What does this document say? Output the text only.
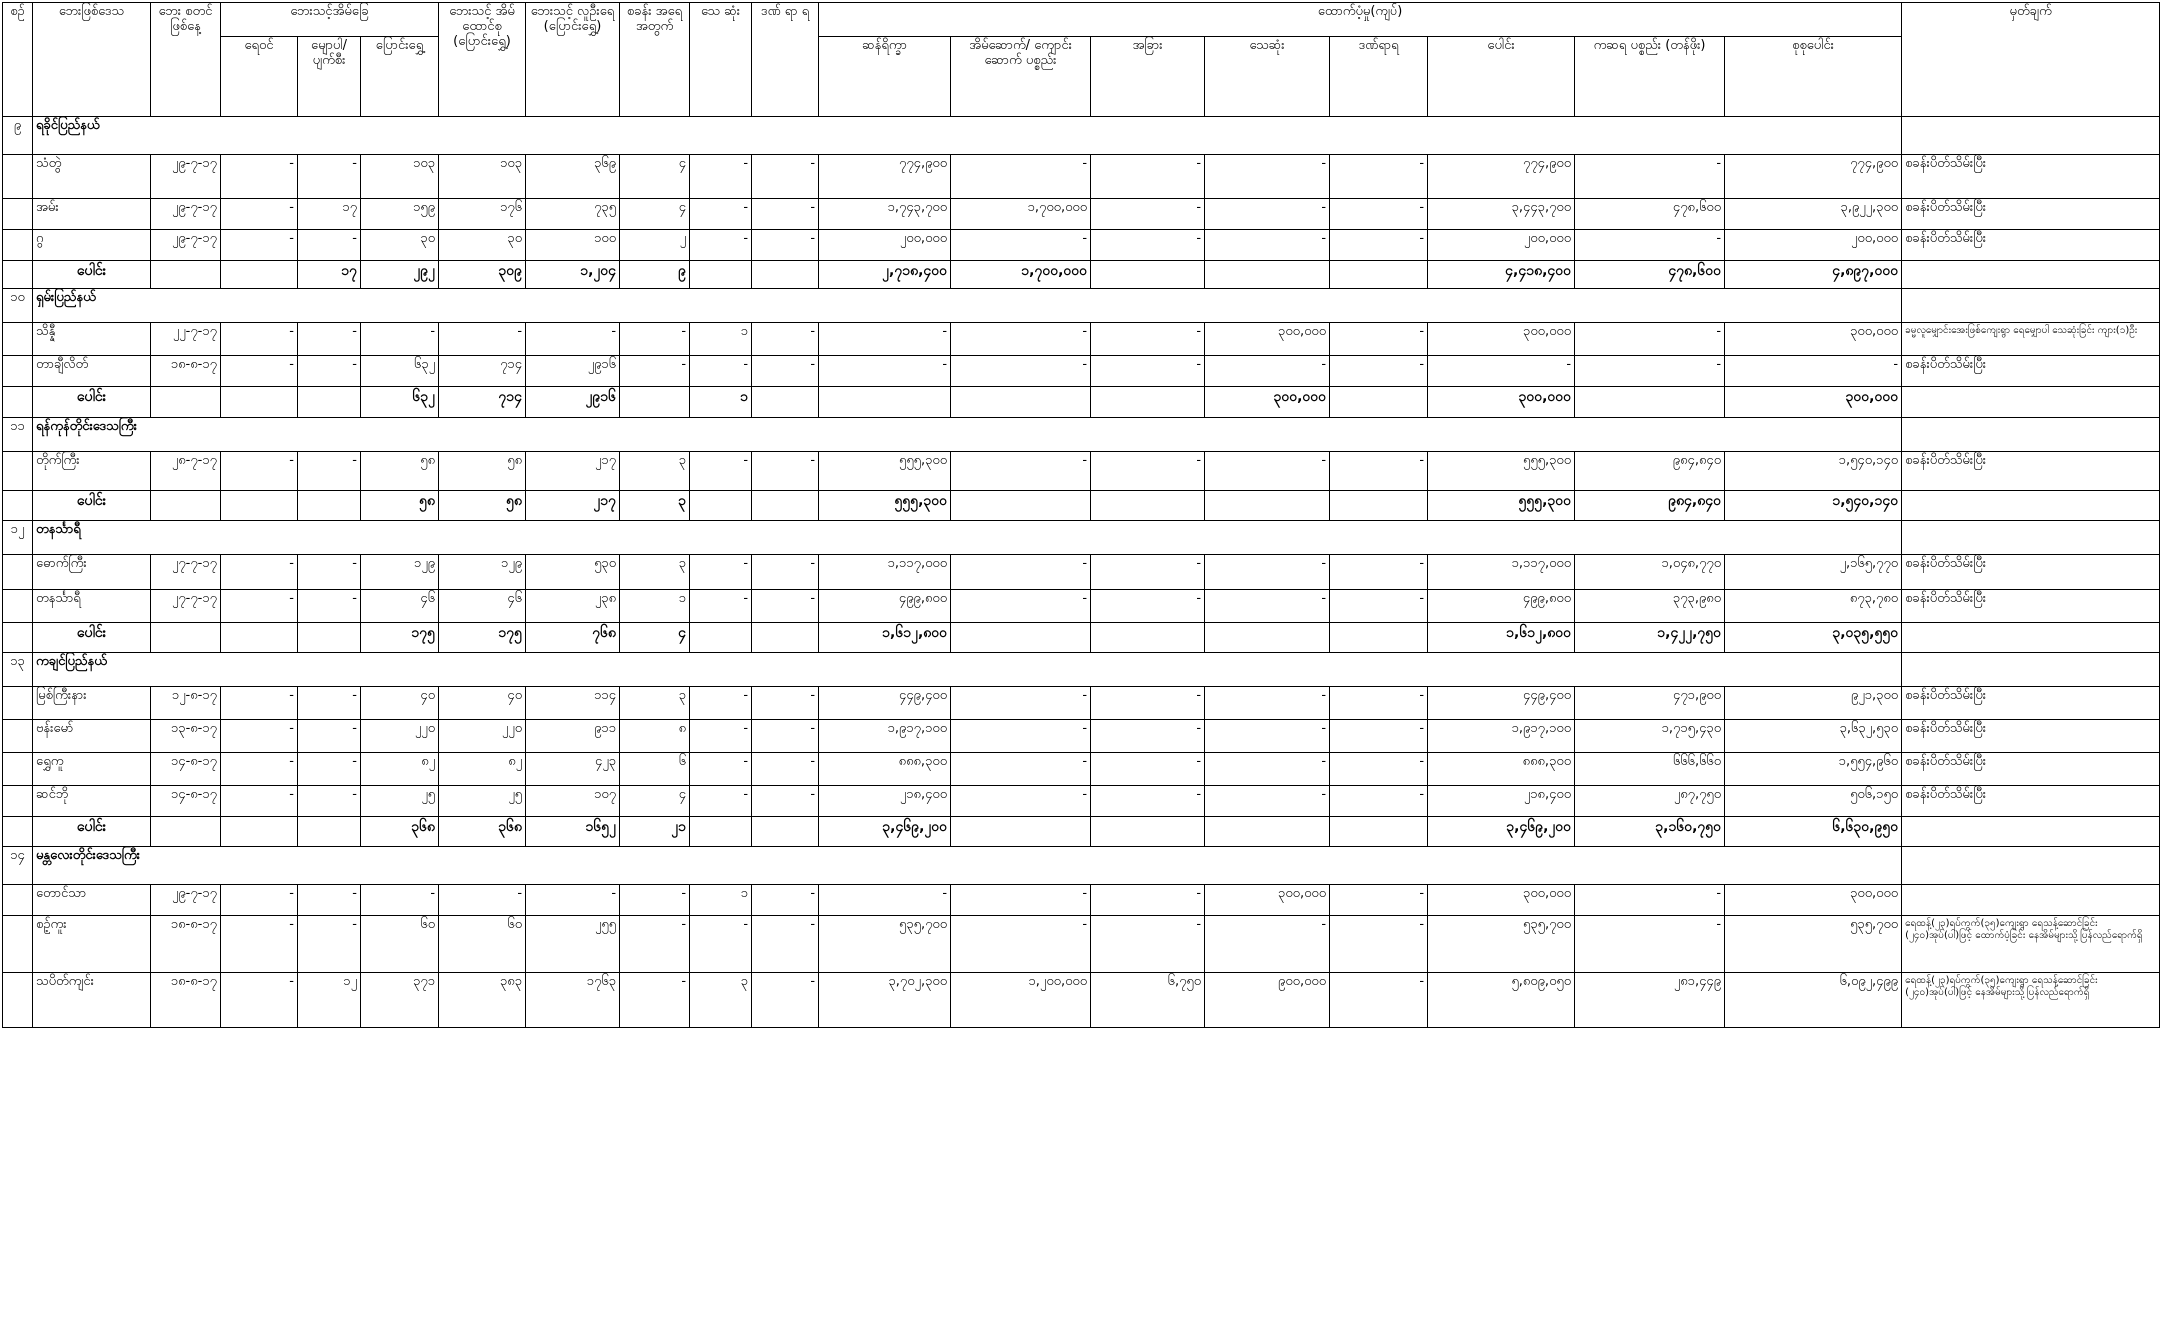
စဉ်	ဘေးဖြစ်ဒေသ	ဘေး စတင် ဖြစ်နေ့	ဘေးသင့်အိမ်ခြေ			ဘေးသင့် အိမ် ထောင်စု (ပြောင်းရွှေ့)	ဘေးသင့် လူဦးရေ (ပြောင်းရွှေ့)	စခန်း အရေ အတွက်	သေ ဆုံး	ဒဏ် ရာ ရ	ထောက်ပံ့မှု(ကျပ်)								မှတ်ချက်
			ရေဝင်	မျောပါ/ ပျက်စီး	ပြောင်းရွှေ့						ဆန်ရိက္ခာ	အိမ်ဆောက်/ ကျောင်းဆောက် ပစ္စည်း	အခြား	သေဆုံး	ဒဏ်ရာရ	ပေါင်း	ကဆရ ပစ္စည်း (တန်ဖိုး)	စုစုပေါင်း	
၉	ရခိုင်ပြည်နယ်																		
	သံတွဲ	၂၉-၇-၁၇	-	-	၁၀၃	၁၀၃	၃၆၉	၄	-	-	၇၇၄,၉၀၀	-	-	-	-	၇၇၄,၉၀၀	-	၇၇၄,၉၀၀	စခန်းပိတ်သိမ်းပြီး
	အမ်း	၂၉-၇-၁၇	-	၁၇	၁၅၉	၁၇၆	၇၃၅	၄	-	-	၁,၇၄၃,၇၀၀	၁,၇၀၀,၀၀၀	-	-	-	၃,၄၄၃,၇၀၀	၄၇၈,၆၀၀	၃,၉၂၂,၃၀၀	စခန်းပိတ်သိမ်းပြီး
	ဂွ	၂၉-၇-၁၇	-	-	၃၀	၃၀	၁၀၀	၂	-	-	၂၀၀,၀၀၀	-	-	-	-	၂၀၀,၀၀၀	-	၂၀၀,၀၀၀	စခန်းပိတ်သိမ်းပြီး
	ပေါင်း			၁၇	၂၉၂	၃၀၉	၁,၂၀၄	၉			၂,၇၁၈,၄၀၀	၁,၇၀၀,၀၀၀				၄,၄၁၈,၄၀၀	၄၇၈,၆၀၀	၄,၈၉၇,၀၀၀	
၁၀	ရှမ်းပြည်နယ်																		
	သိန္နီ	၂၂-၇-၁၇	-	-	-	-	-	-	၁	-	-	-	-	၃၀၀,၀၀၀	-	၃၀၀,၀၀၀	-	၃၀၀,၀၀၀	ခမ္မလူမျှောင်းအေးဖြစ်ကျေးရွာ ရေမျှောပါ သေဆုံးခြင်း ကျား(၁)ဦး
	တာချီလိတ်	၁၈-၈-၁၇	-	-	၆၃၂	၇၁၄	၂၉၁၆	-	-	-	-	-	-	-	-	-	-	-	စခန်းပိတ်သိမ်းပြီး
	ပေါင်း				၆၃၂	၇၁၄	၂၉၁၆		၁					၃၀၀,၀၀၀		၃၀၀,၀၀၀		၃၀၀,၀၀၀	
၁၁	ရန်ကုန်တိုင်းဒေသကြီး																		
	တိုက်ကြီး	၂၈-၇-၁၇	-	-	၅၈	၅၈	၂၁၇	၃	-	-	၅၅၅,၃၀၀	-	-	-	-	၅၅၅,၃၀၀	၉၈၄,၈၄၀	၁,၅၄၀,၁၄၀	စခန်းပိတ်သိမ်းပြီး
	ပေါင်း				၅၈	၅၈	၂၁၇	၃			၅၅၅,၃၀၀					၅၅၅,၃၀၀	၉၈၄,၈၄၀	၁,၅၄၀,၁၄၀	
၁၂	တနင်္သာရီ																		
	ဓောက်ကြီး	၂၇-၇-၁၇	-	-	၁၂၉	၁၂၉	၅၃၀	၃	-	-	၁,၁၁၇,၀၀၀	-	-	-	-	၁,၁၁၇,၀၀၀	၁,၀၄၈,၇၇၀	၂,၁၆၅,၇၇၀	စခန်းပိတ်သိမ်းပြီး
	တနင်္သာရီ	၂၇-၇-၁၇	-	-	၄၆	၄၆	၂၃၈	၁	-	-	၄၉၉,၈၀၀	-	-	-	-	၄၉၉,၈၀၀	၃၇၃,၉၈၀	၈၇၃,၇၈၀	စခန်းပိတ်သိမ်းပြီး
	ပေါင်း				၁၇၅	၁၇၅	၇၆၈	၄			၁,၆၁၂,၈၀၀					၁,၆၁၂,၈၀၀	၁,၄၂၂,၇၅၀	၃,၀၃၅,၅၅၀	
၁၃	ကချင်ပြည်နယ်																		
	မြစ်ကြီးနား	၁၂-၈-၁၇	-	-	၄၀	၄၀	၁၁၄	၃	-	-	၄၄၉,၄၀၀	-	-	-	-	၄၄၉,၄၀၀	၄၇၁,၉၀၀	၉၂၁,၃၀၀	စခန်းပိတ်သိမ်းပြီး
	ဗန်းမော်	၁၃-၈-၁၇	-	-	၂၂၀	၂၂၀	၉၁၁	၈	-	-	၁,၉၁၇,၁၀၀	-	-	-	-	၁,၉၁၇,၁၀၀	၁,၇၁၅,၄၃၀	၃,၆၃၂,၅၃၀	စခန်းပိတ်သိမ်းပြီး
	ရွှေကူ	၁၄-၈-၁၇	-	-	၈၂	၈၂	၄၂၃	၆	-	-	၈၈၈,၃၀၀	-	-	-	-	၈၈၈,၃၀၀	၆၆၆,၆၆၀	၁,၅၅၄,၉၆၀	စခန်းပိတ်သိမ်းပြီး
	ဆင်ဘို	၁၄-၈-၁၇	-	-	၂၅	၂၅	၁၀၇	၄	-	-	၂၁၈,၄၀၀	-	-	-	-	၂၁၈,၄၀၀	၂၈၇,၇၅၀	၅၀၆,၁၅၀	စခန်းပိတ်သိမ်းပြီး
	ပေါင်း				၃၆၈	၃၆၈	၁၆၅၂	၂၁			၃,၄၆၉,၂၀၀					၃,၄၆၉,၂၀၀	၃,၁၆၀,၇၅၀	၆,၆၃၀,၉၅၀	
၁၄	မန္တလေးတိုင်းဒေသကြီး																		
	တောင်သာ	၂၉-၇-၁၇	-	-	-	-	-	-	၁	-	-	-	-	၃၀၀,၀၀၀	-	၃၀၀,၀၀၀	-	၃၀၀,၀၀၀	
	စဉ့်ကူး	၁၈-၈-၁၇	-	-	၆၀	၆၀	၂၅၅	-	-	-	၅၃၅,၇၀၀	-	-	-	-	၅၃၅,၇၀၀	-	၅၃၅,၇၀၀	ရေထန့်(၂၃)ရပ်ကွက်(၃၅)ကျေးရွာ ရေသန့်ဆောင်ခြင်း (၂၄၀)အုပ်(ပါ)ဖြင့် ထောက်ပံ့ခြင်း နေအိမ်များသို့ပြန်လည်ရောက်ရှိ
	သပိတ်ကျင်း	၁၈-၈-၁၇	-	၁၂	၃၇၁	၃၈၃	၁၇၆၃	-	၃	-	၃,၇၀၂,၃၀၀	၁,၂၀၀,၀၀၀	၆,၇၅၀	၉၀၀,၀၀၀	-	၅,၈၀၉,၀၅၀	၂၈၁,၄၄၉	၆,၀၉၂,၄၉၉	ရေထန့်(၂၃)ရပ်ကွက်(၃၅)ကျေးရွာ ရေသန့်ဆောင်ခြင်း (၂၄၀)အုပ်(ပါ)ဖြင့် နေအိမ်များသို့ပြန်လည်ရောက်ရှိ
